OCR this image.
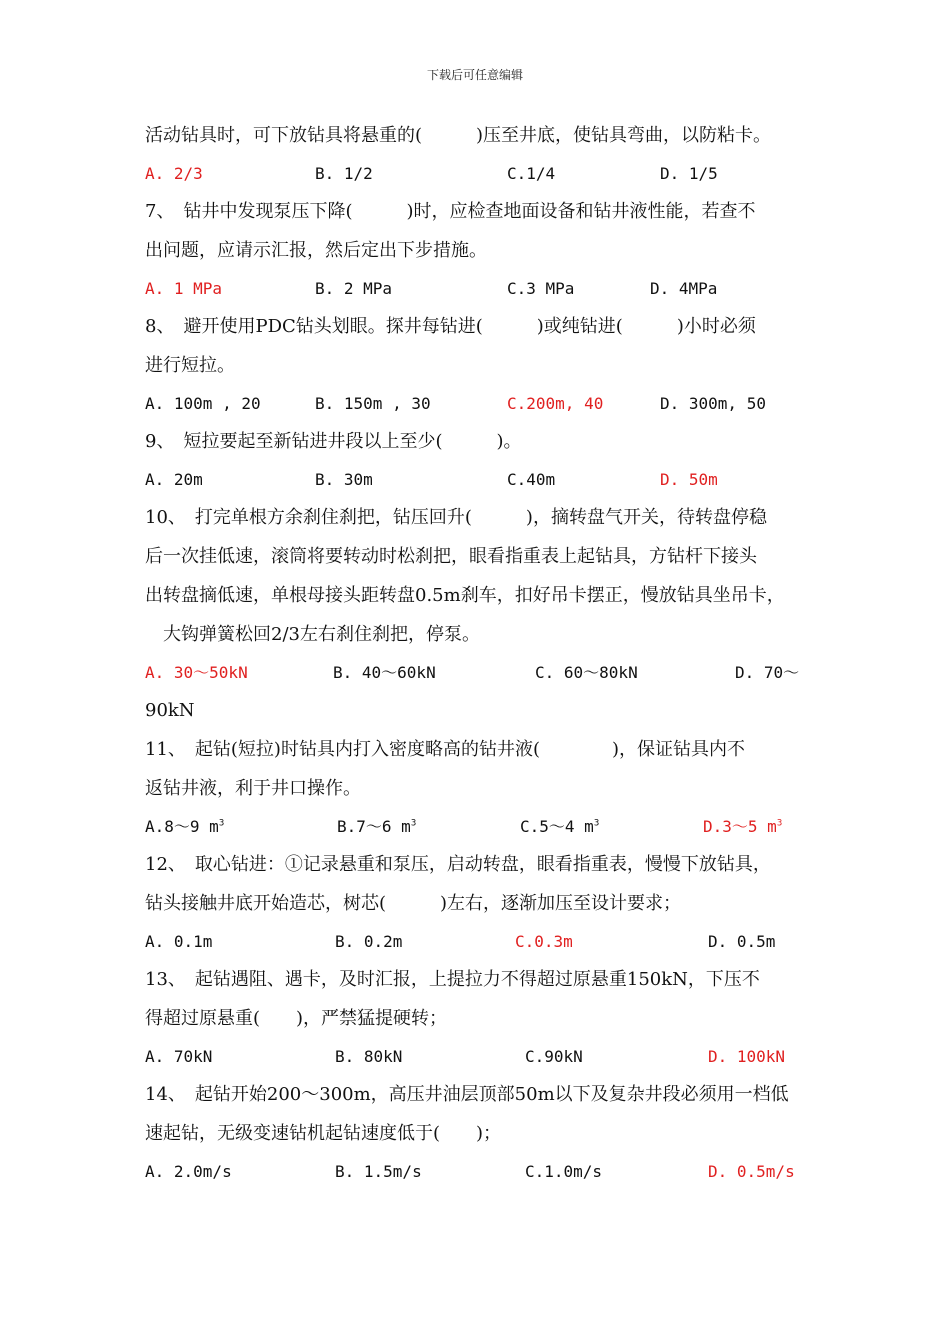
下载后可任意编辑
活动钻具时，可下放钻具将悬重的(　　　)压至井底，使钻具弯曲，以防粘卡。
A. 2/3	B. 1/2	C.1/4	D. 1/5
7、　钻井中发现泵压下降(　　　)时，应检查地面设备和钻井液性能，若查不
出问题，应请示汇报，然后定出下步措施。
A. 1 MPa	B. 2 MPa	C.3 MPa	D. 4MPa
8、　避开使用PDC钻头划眼。探井每钻进(　　　)或纯钻进(　　　)小时必须
进行短拉。
A. 100m , 20	B. 150m , 30	C.200m, 40	D. 300m, 50
9、　短拉要起至新钻进井段以上至少(　　　)。
A. 20m	B. 30m	C.40m	D. 50m
10、　打完单根方余刹住刹把，钻压回升(　　　)，摘转盘气开关，待转盘停稳
后一次挂低速，滚筒将要转动时松刹把，眼看指重表上起钻具，方钻杆下接头
出转盘摘低速，单根母接头距转盘0.5m刹车，扣好吊卡摆正，慢放钻具坐吊卡，
　大钩弹簧松回2/3左右刹住刹把，停泵。
A. 30～50kN	B. 40～60kN	C. 60～80kN	D. 70～
90kN
11、　起钻(短拉)时钻具内打入密度略高的钻井液(　　　　)，保证钻具内不
返钻井液，利于井口操作。
A.8～9 $m^3$	B.7～6 $m^3$	C.5～4 $m^3$	D.3～5 $m^3$
12、　取心钻进：①记录悬重和泵压，启动转盘，眼看指重表，慢慢下放钻具，
钻头接触井底开始造芯，树芯(　　　)左右，逐渐加压至设计要求；
A. 0.1m	B. 0.2m	C.0.3m	D. 0.5m
13、　起钻遇阻、遇卡，及时汇报，上提拉力不得超过原悬重150kN，下压不
得超过原悬重(　　)，严禁猛提硬转；
A. 70kN	B. 80kN	C.90kN	D. 100kN
14、　起钻开始200～300m，高压井油层顶部50m以下及复杂井段必须用一档低
速起钻，无级变速钻机起钻速度低于(　　)；
A. 2.0m/s	B. 1.5m/s	C.1.0m/s	D. 0.5m/s
